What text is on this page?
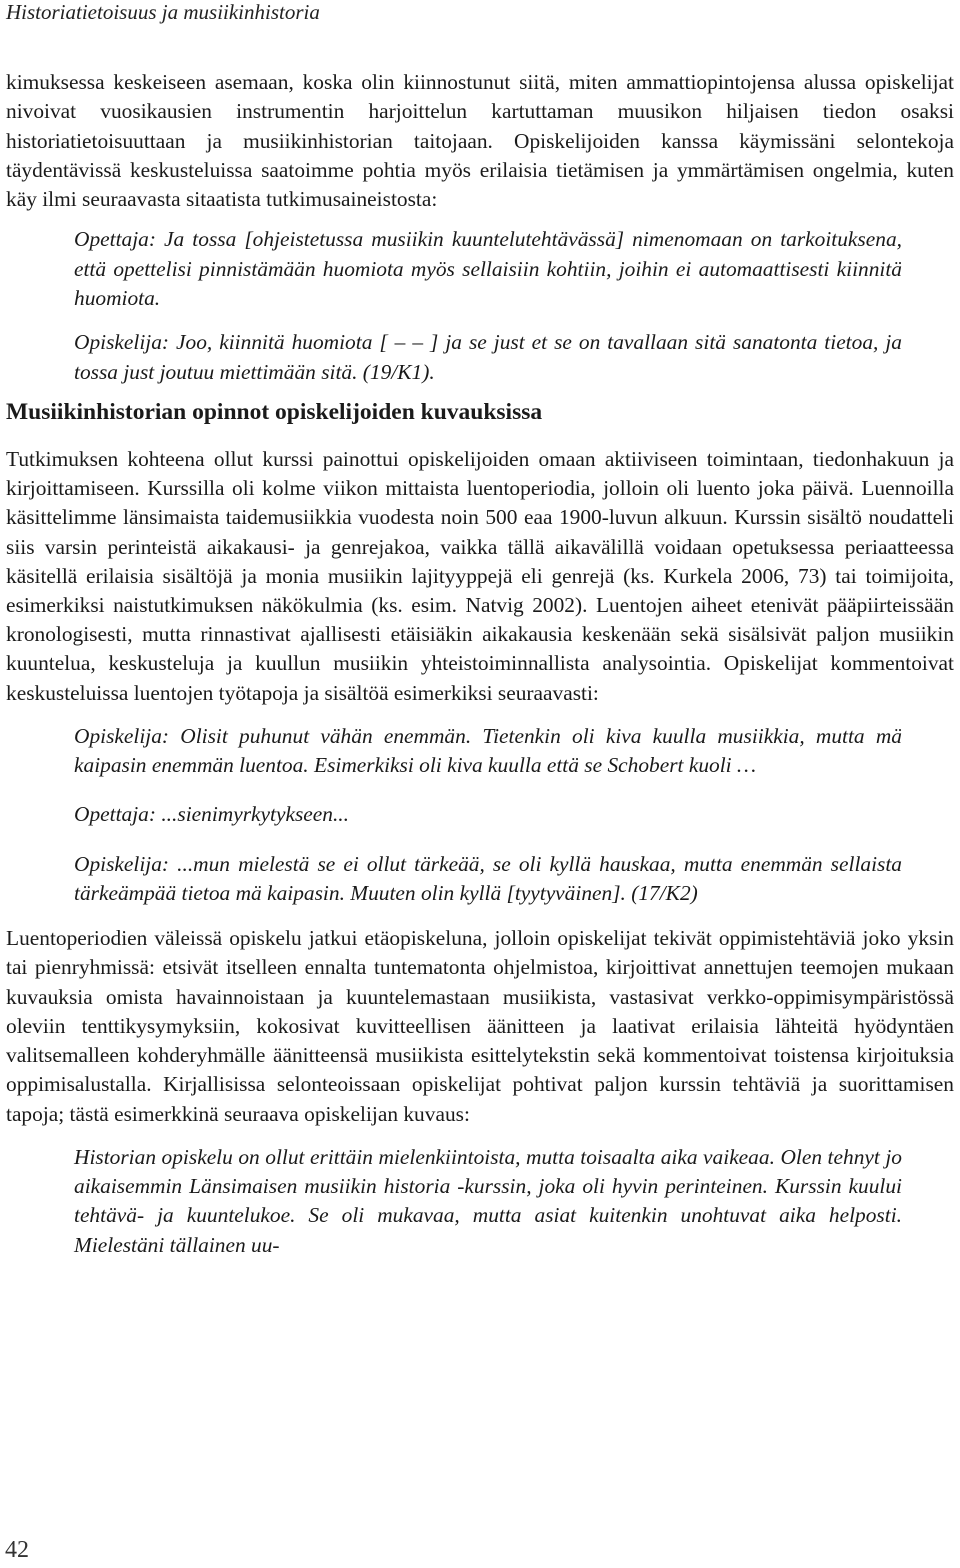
Historiatietoisuus ja musiikinhistoria

kimuksessa keskeiseen asemaan, koska olin kiinnostunut siitä, miten ammattiopintojensa alussa opiskelijat nivoivat vuosikausien instrumentin harjoittelun kartuttaman muusikon hiljaisen tiedon osaksi historiatietoisuuttaan ja musiikinhistorian taitojaan. Opiskelijoiden kanssa käymissäni selontekoja täydentävissä keskusteluissa saatoimme pohtia myös erilaisia tietämisen ja ymmärtämisen ongelmia, kuten käy ilmi seuraavasta sitaatista tutkimusaineistosta:

Opettaja: Ja tossa [ohjeistetussa musiikin kuuntelutehtävässä] nimenomaan on tarkoituksena, että opettelisi pinnistämään huomiota myös sellaisiin kohtiin, joihin ei automaattisesti kiinnitä huomiota.

Opiskelija: Joo, kiinnitä huomiota [ – – ] ja se just et se on tavallaan sitä sanatonta tietoa, ja tossa just joutuu miettimään sitä. (19/K1).

Musiikinhistorian opinnot opiskelijoiden kuvauksissa

Tutkimuksen kohteena ollut kurssi painottui opiskelijoiden omaan aktiiviseen toimintaan, tiedonhakuun ja kirjoittamiseen. Kurssilla oli kolme viikon mittaista luentoperiodia, jolloin oli luento joka päivä. Luennoilla käsittelimme länsimaista taidemusiikkia vuodesta noin 500 eaa 1900-luvun alkuun. Kurssin sisältö noudatteli siis varsin perinteistä aikakausi- ja genrejakoa, vaikka tällä aikavälillä voidaan opetuksessa periaatteessa käsitellä erilaisia sisältöjä ja monia musiikin lajityyppejä eli genrejä (ks. Kurkela 2006, 73) tai toimijoita, esimerkiksi naistutkimuksen näkökulmia (ks. esim. Natvig 2002). Luentojen aiheet etenivät pääpiirteissään kronologisesti, mutta rinnastivat ajallisesti etäisiäkin aikakausia keskenään sekä sisälsivät paljon musiikin kuuntelua, keskusteluja ja kuullun musiikin yhteistoiminnallista analysointia. Opiskelijat kommentoivat keskusteluissa luentojen työtapoja ja sisältöä esimerkiksi seuraavasti:

Opiskelija: Olisit puhunut vähän enemmän. Tietenkin oli kiva kuulla musiikkia, mutta mä kaipasin enemmän luentoa. Esimerkiksi oli kiva kuulla että se Schobert kuoli …

Opettaja: ...sienimyrkytykseen...

Opiskelija: ...mun mielestä se ei ollut tärkeää, se oli kyllä hauskaa, mutta enemmän sellaista tärkeämpää tietoa mä kaipasin. Muuten olin kyllä [tyytyväinen]. (17/K2)

Luentoperiodien väleissä opiskelu jatkui etäopiskeluna, jolloin opiskelijat tekivät oppimistehtäviä joko yksin tai pienryhmissä: etsivät itselleen ennalta tuntematonta ohjelmistoa, kirjoittivat annettujen teemojen mukaan kuvauksia omista havainnoistaan ja kuuntelemastaan musiikista, vastasivat verkko-oppimisympäristössä oleviin tenttikysymyksiin, kokosivat kuvitteellisen äänitteen ja laativat erilaisia lähteitä hyödyntäen valitsemalleen kohderyhmälle äänitteensä musiikista esittelytekstin sekä kommentoivat toistensa kirjoituksia oppimisalustalla. Kirjallisissa selonteoissaan opiskelijat pohtivat paljon kurssin tehtäviä ja suorittamisen tapoja; tästä esimerkkinä seuraava opiskelijan kuvaus:

Historian opiskelu on ollut erittäin mielenkiintoista, mutta toisaalta aika vaikeaa. Olen tehnyt jo aikaisemmin Länsimaisen musiikin historia -kurssin, joka oli hyvin perinteinen. Kurssin kuului tehtävä- ja kuuntelukoe. Se oli mukavaa, mutta asiat kuitenkin unohtuvat aika helposti. Mielestäni tällainen uu-

42
